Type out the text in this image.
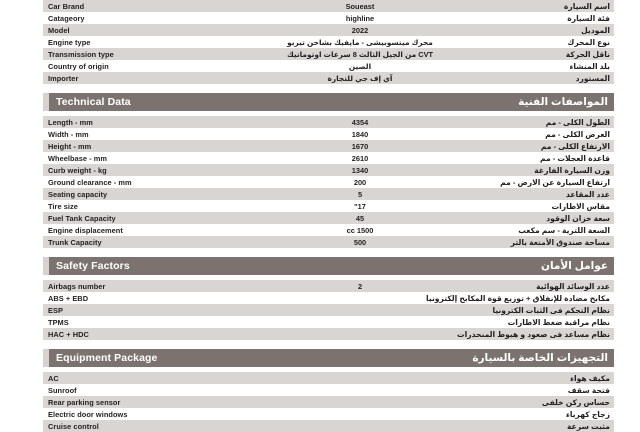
Car Brand	Soueast	اسم السيارة
Catageory	highline	فئة السيارة
Model	2022	الموديل
Engine type	محرك ميتسوبيشى - مايفيك بشاحن تيربو	نوع المحرك
Transmission type	CVT من الجيل الثالث 8 سرعات اوتوماتيك	ناقل الحركة
Country of origin	الصين	بلد المنشاء
Importer	آي إف جي للتجارة	المستورد
Technical Data	المواصفات الفنية
Length - mm	4354	الطول الكلى - مم
Width - mm	1840	العرض الكلى - مم
Height - mm	1670	الارتفاع الكلى - مم
Wheelbase - mm	2610	قاعدة العجلات - مم
Curb weight - kg	1340	وزن السيارة الفارغة
Ground clearance - mm	200	ارتفاع السيارة عن الارض - مم
Seating capacity	5	عدد المقاعد
Tire size	17"	مقاس الاطارات
Fuel Tank Capacity	45	سعة خزان الوقود
Engine displacement	1500 cc	السعة اللترية - سم مكعب
Trunk Capacity	500	مساحة صندوق الأمتعة بالتر
Safety Factors	عوامل الأمان
Airbags number	2	عدد الوسائد الهوائية
ABS + EBD	مكابح مضادة للإنفلاق + توزيع قوة المكابح إلكترونيا
ESP	نظام التحكم فى الثبات الكترونيا
TPMS	نظام مراقبة ضغط الاطارات
HAC + HDC	نظام مساعد فى صعود و هبوط المنحدرات
Equipment Package	التجهيزات الخاصة بالسيارة
AC	مكيف هواء
Sunroof	فتحة سقف
Rear parking sensor	حساس ركن خلفى
Electric door windows	زجاج كهرباء
Cruise control	مثبت سرعة
